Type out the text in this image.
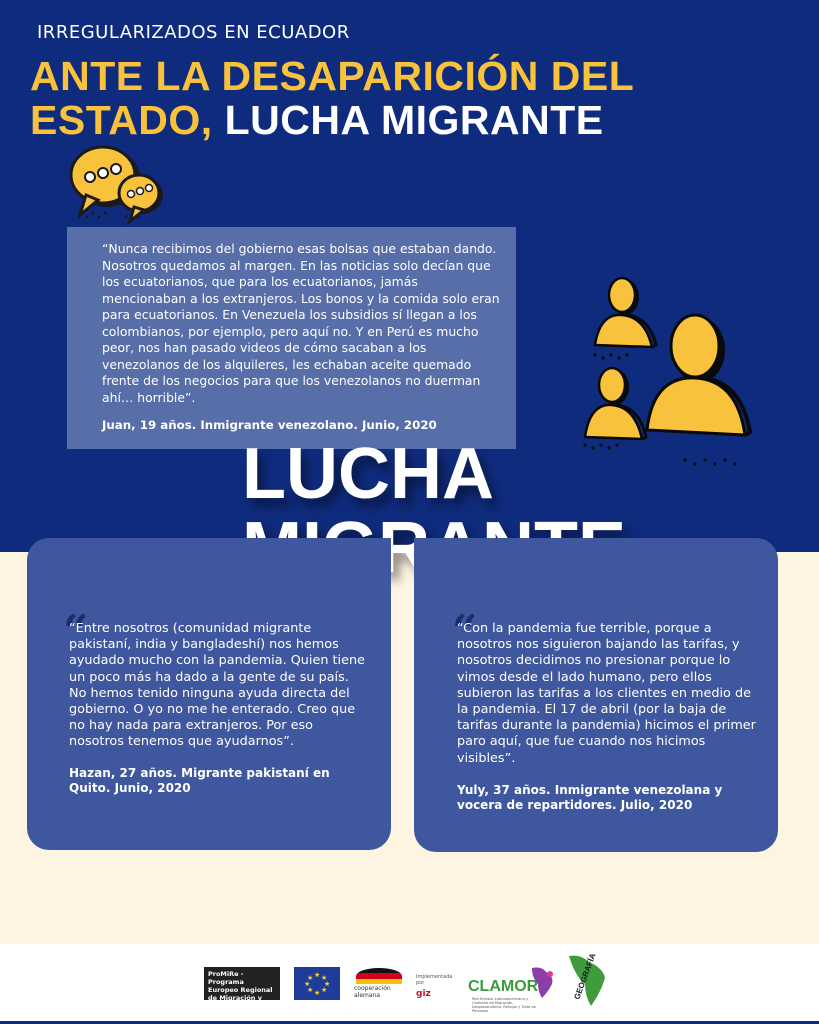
IRREGULARIZADOS EN ECUADOR
ANTE LA DESAPARICIÓN DEL
ESTADO, LUCHA MIGRANTE

“Nunca recibimos del gobierno esas bolsas que estaban dando. Nosotros quedamos al margen. En las noticias solo decían que los ecuatorianos, que para los ecuatorianos, jamás mencionaban a los extranjeros. Los bonos y la comida solo eran para ecuatorianos. En Venezuela los subsidios sí llegan a los colombianos, por ejemplo, pero aquí no. Y en Perú es mucho peor, nos han pasado videos de cómo sacaban a los venezolanos de los alquileres, les echaban aceite quemado frente de los negocios para que los venezolanos no duerman ahí… horrible”.

Juan, 19 años. Inmigrante venezolano. Junio, 2020

LUCHA
“

“Entre nosotros (comunidad migrante pakistaní, india y bangladeshí) nos hemos ayudado mucho con la pandemia. Quien tiene un poco más ha dado a la gente de su país. No hemos tenido ninguna ayuda directa del gobierno. O yo no me he enterado. Creo que no hay nada para extranjeros. Por eso nosotros tenemos que ayudarnos”.

Hazan, 27 años. Migrante pakistaní en Quito. Junio, 2020

“

“Con la pandemia fue terrible, porque a nosotros nos siguieron bajando las tarifas, y nosotros decidimos no presionar porque lo vimos desde el lado humano, pero ellos subieron las tarifas a los clientes en medio de la pandemia. El 17 de abril (por la baja de tarifas durante la pandemia) hicimos el primer paro aquí, que fue cuando nos hicimos visibles”.

Yuly, 37 años. Inmigrante venezolana y vocera de repartidores. Julio, 2020

ProMiRe - Programa Europeo Regional de Migración y Refugio
★ ★
★
★
★
★
★
★
cooperación alemana
Implementada por
giz	CLAMOR
Red Eclesial Latinoamericana y Caribeña de Migración, Desplazamiento, Refugio y Trata de Personas
GEOGRAFÍA
